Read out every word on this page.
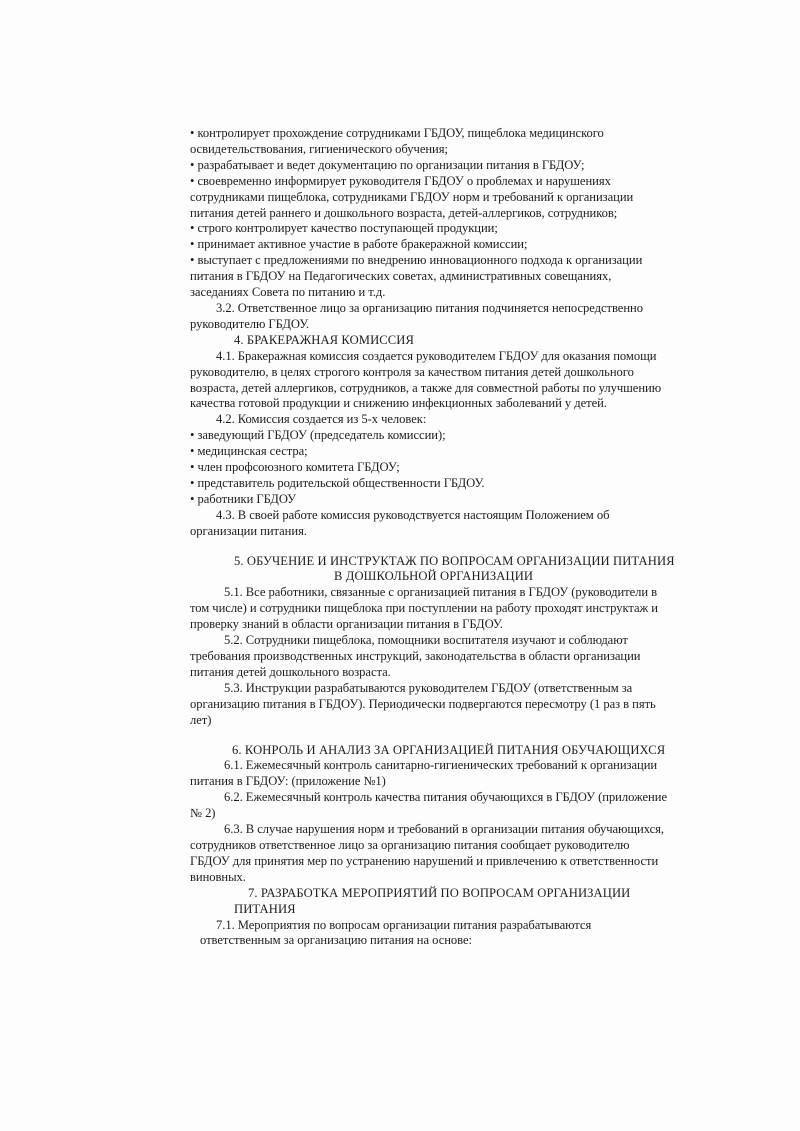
• контролирует прохождение сотрудниками ГБДОУ, пищеблока медицинского
освидетельствования, гигиенического обучения;
• разрабатывает и ведет документацию по организации питания в ГБДОУ;
• своевременно информирует руководителя ГБДОУ о проблемах и нарушениях
сотрудниками пищеблока, сотрудниками ГБДОУ норм и требований к организации
питания детей раннего и дошкольного возраста, детей-аллергиков, сотрудников;
• строго контролирует качество поступающей продукции;
• принимает активное участие в работе бракеражной комиссии;
• выступает с предложениями по внедрению инновационного подхода к организации
питания в ГБДОУ на Педагогических советах, административных совещаниях,
заседаниях Совета по питанию и т.д.
3.2. Ответственное лицо за организацию питания подчиняется непосредственно
руководителю ГБДОУ.
4. БРАКЕРАЖНАЯ КОМИССИЯ
4.1. Бракеражная комиссия создается руководителем ГБДОУ для оказания помощи
руководителю, в целях строгого контроля за качеством питания детей дошкольного
возраста, детей аллергиков, сотрудников, а также для совместной работы по улучшению
качества готовой продукции и снижению инфекционных заболеваний у детей.
4.2. Комиссия создается из 5-х человек:
• заведующий ГБДОУ (председатель комиссии);
• медицинская сестра;
• член профсоюзного комитета ГБДОУ;
• представитель родительской общественности ГБДОУ.
• работники ГБДОУ
4.3. В своей работе комиссия руководствуется настоящим Положением об
организации питания.
5. ОБУЧЕНИЕ И ИНСТРУКТАЖ ПО ВОПРОСАМ ОРГАНИЗАЦИИ ПИТАНИЯ
В ДОШКОЛЬНОЙ ОРГАНИЗАЦИИ
5.1. Все работники, связанные с организацией питания в ГБДОУ (руководители в
том числе) и сотрудники пищеблока при поступлении на работу проходят инструктаж и
проверку знаний в области организации питания в ГБДОУ.
5.2. Сотрудники пищеблока, помощники воспитателя изучают и соблюдают
требования производственных инструкций, законодательства в области организации
питания детей дошкольного возраста.
5.3. Инструкции разрабатываются руководителем ГБДОУ (ответственным за
организацию питания в ГБДОУ). Периодически подвергаются пересмотру (1 раз в пять
лет)
6. КОНРОЛЬ И АНАЛИЗ ЗА ОРГАНИЗАЦИЕЙ ПИТАНИЯ ОБУЧАЮЩИХСЯ
6.1. Ежемесячный контроль санитарно-гигиенических требований к организации
питания в ГБДОУ: (приложение №1)
6.2. Ежемесячный контроль качества питания обучающихся в ГБДОУ (приложение
№ 2)
6.3. В случае нарушения норм и требований в организации питания обучающихся,
сотрудников ответственное лицо за организацию питания сообщает руководителю
ГБДОУ для принятия мер по устранению нарушений и привлечению к ответственности
виновных.
7. РАЗРАБОТКА МЕРОПРИЯТИЙ ПО ВОПРОСАМ ОРГАНИЗАЦИИ
ПИТАНИЯ
7.1. Мероприятия по вопросам организации питания разрабатываются
ответственным за организацию питания на основе:
